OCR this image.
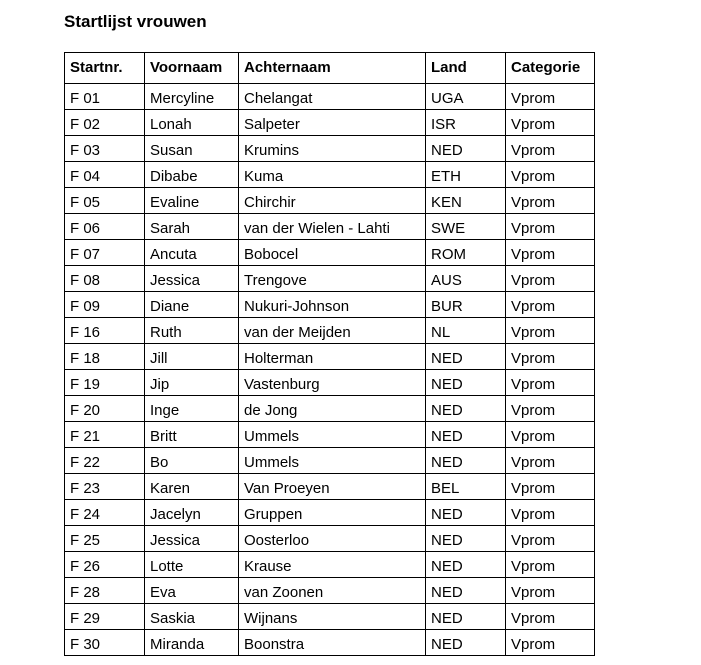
Startlijst vrouwen
Startnr.	Voornaam	Achternaam	Land	Categorie

F 01	Mercyline	Chelangat	UGA	Vprom

F 02	Lonah	Salpeter	ISR	Vprom

F 03	Susan	Krumins	NED	Vprom

F 04	Dibabe	Kuma	ETH	Vprom

F 05	Evaline	Chirchir	KEN	Vprom

F 06	Sarah	van der Wielen - Lahti	SWE	Vprom

F 07	Ancuta	Bobocel	ROM	Vprom

F 08	Jessica	Trengove	AUS	Vprom

F 09	Diane	Nukuri-Johnson	BUR	Vprom

F 16	Ruth	van der Meijden	NL	Vprom

F 18	Jill	Holterman	NED	Vprom

F 19	Jip	Vastenburg	NED	Vprom

F 20	Inge	de Jong	NED	Vprom

F 21	Britt	Ummels	NED	Vprom

F 22	Bo	Ummels	NED	Vprom

F 23	Karen	Van Proeyen	BEL	Vprom

F 24	Jacelyn	Gruppen	NED	Vprom

F 25	Jessica	Oosterloo	NED	Vprom

F 26	Lotte	Krause	NED	Vprom

F 28	Eva	van Zoonen	NED	Vprom

F 29	Saskia	Wijnans	NED	Vprom

F 30	Miranda	Boonstra	NED	Vprom
